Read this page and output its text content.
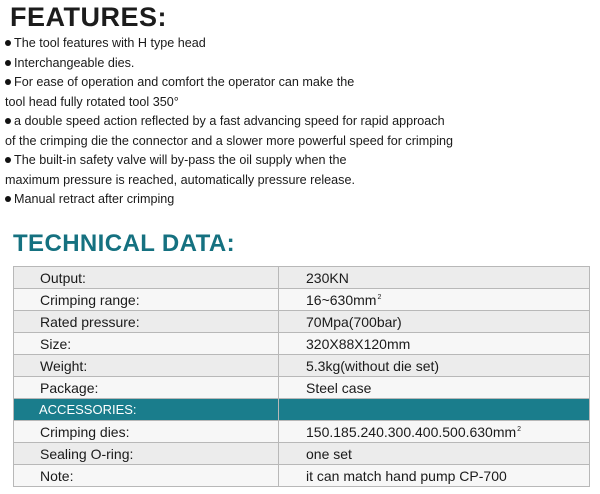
FEATURES:
The tool features with H type head
Interchangeable dies.
For ease of operation and comfort the operator can make the
tool head fully rotated tool 350°
a double speed action reflected by a fast advancing speed for rapid approach
of the crimping die the connector and a slower more powerful speed for crimping
The built-in safety valve will by-pass the oil supply when the
maximum pressure is reached, automatically pressure release.
Manual retract after crimping
TECHNICAL DATA:
Output:	230KN
Crimping range:	$16\sim 630mm^2$
Rated pressure:	70Mpa(700bar)
Size:	320X88X120mm
Weight:	5.3kg(without die set)
Package:	Steel case
ACCESSORIES:	
Crimping dies:	$150.185.240.300.400.500.630mm^2$
Sealing O-ring:	one set
Note:	it can match hand pump CP-700
